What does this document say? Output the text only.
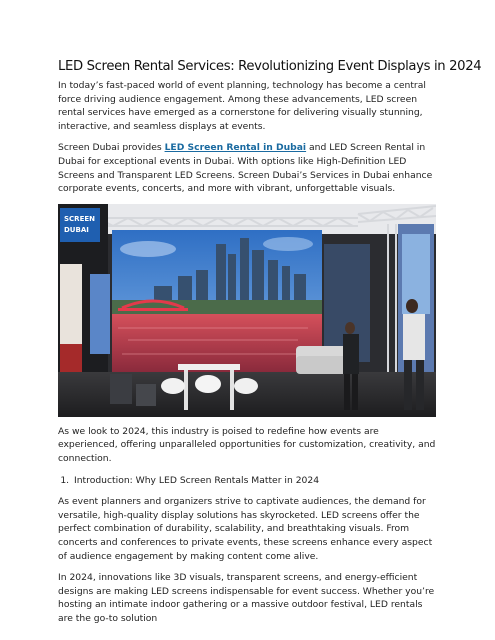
LED Screen Rental Services: Revolutionizing Event Displays in 2024

In today’s fast-paced world of event planning, technology has become a central force driving audience engagement. Among these advancements, LED screen rental services have emerged as a cornerstone for delivering visually stunning, interactive, and seamless displays at events.

Screen Dubai provides LED Screen Rental in Dubai and LED Screen Rental in Dubai for exceptional events in Dubai. With options like High-Definition LED Screens and Transparent LED Screens. Screen Dubai’s Services in Dubai enhance corporate events, concerts, and more with vibrant, unforgettable visuals.

SCREEN
DUBAI

As we look to 2024, this industry is poised to redefine how events are experienced, offering unparalleled opportunities for customization, creativity, and connection.

1. Introduction: Why LED Screen Rentals Matter in 2024

As event planners and organizers strive to captivate audiences, the demand for versatile, high-quality display solutions has skyrocketed. LED screens offer the perfect combination of durability, scalability, and breathtaking visuals. From concerts and conferences to private events, these screens enhance every aspect of audience engagement by making content come alive.

In 2024, innovations like 3D visuals, transparent screens, and energy-efficient designs are making LED screens indispensable for event success. Whether you’re hosting an intimate indoor gathering or a massive outdoor festival, LED rentals are the go-to solution
